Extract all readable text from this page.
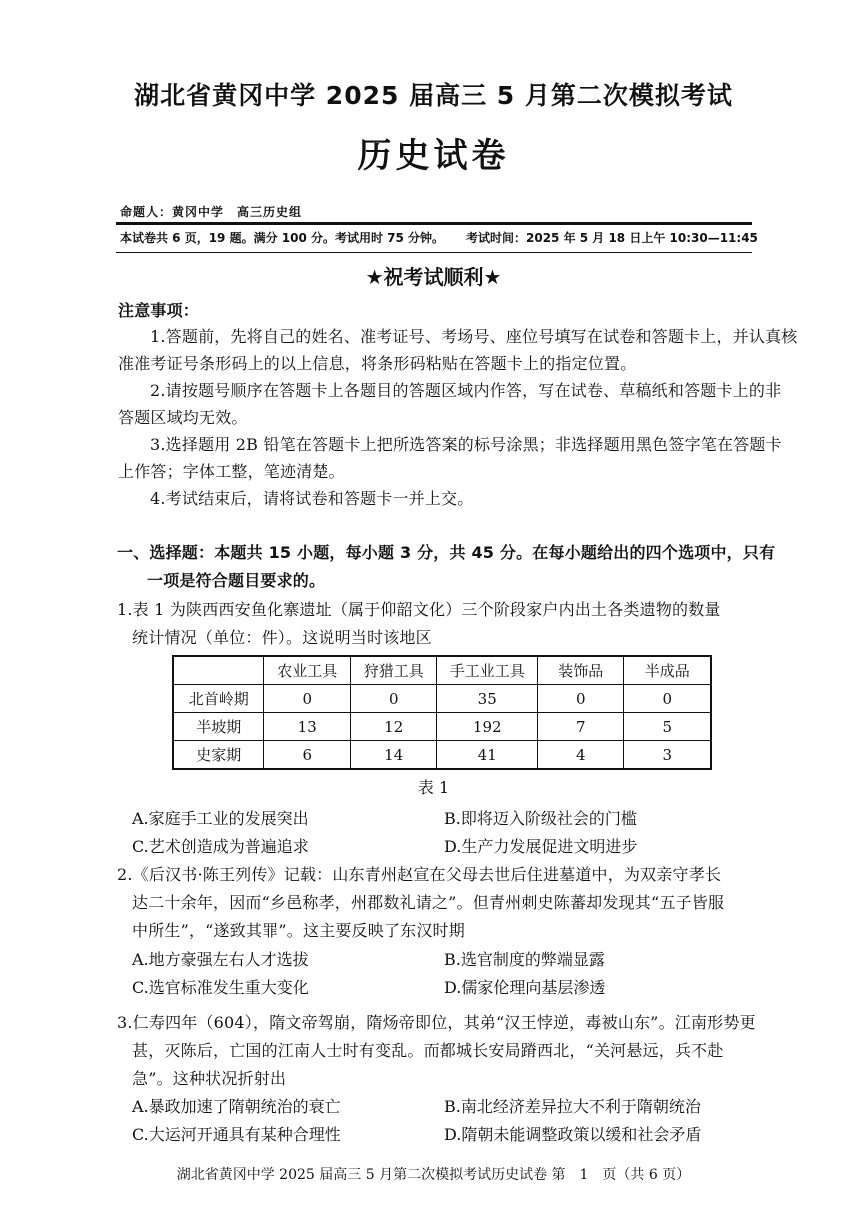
湖北省黄冈中学 2025 届高三 5 月第二次模拟考试
历史试卷
命题人：黄冈中学　高三历史组
本试卷共 6 页，19 题。满分 100 分。考试用时 75 分钟。 考试时间：2025 年 5 月 18 日上午 10:30—11:45
★祝考试顺利★
注意事项：
1.答题前，先将自己的姓名、准考证号、考场号、座位号填写在试卷和答题卡上，并认真核
准准考证号条形码上的以上信息，将条形码粘贴在答题卡上的指定位置。
2.请按题号顺序在答题卡上各题目的答题区域内作答，写在试卷、草稿纸和答题卡上的非
答题区域均无效。
3.选择题用 2B 铅笔在答题卡上把所选答案的标号涂黑；非选择题用黑色签字笔在答题卡
上作答；字体工整，笔迹清楚。
4.考试结束后，请将试卷和答题卡一并上交。
一、选择题：本题共 15 小题，每小题 3 分，共 45 分。在每小题给出的四个选项中，只有
一项是符合题目要求的。
1.表 1 为陕西西安鱼化寨遗址（属于仰韶文化）三个阶段家户内出土各类遗物的数量
统计情况（单位：件）。这说明当时该地区
	农业工具	狩猎工具	手工业工具	装饰品	半成品
北首岭期	0	0	35	0	0
半坡期	13	12	192	7	5
史家期	6	14	41	4	3
表 1
A.家庭手工业的发展突出	B.即将迈入阶级社会的门槛
C.艺术创造成为普遍追求	D.生产力发展促进文明进步
2.《后汉书·陈王列传》记载：山东青州赵宣在父母去世后住进墓道中，为双亲守孝长
达二十余年，因而“乡邑称孝，州郡数礼请之”。但青州刺史陈蕃却发现其“五子皆服
中所生”，“遂致其罪”。这主要反映了东汉时期
A.地方豪强左右人才选拔	B.选官制度的弊端显露
C.选官标准发生重大变化	D.儒家伦理向基层渗透
3.仁寿四年（604），隋文帝驾崩，隋炀帝即位，其弟“汉王悖逆，毒被山东”。江南形势更
甚，灭陈后，亡国的江南人士时有变乱。而都城长安局蹐西北，“关河悬远，兵不赴
急”。这种状况折射出
A.暴政加速了隋朝统治的衰亡	B.南北经济差异拉大不利于隋朝统治
C.大运河开通具有某种合理性	D.隋朝未能调整政策以缓和社会矛盾
湖北省黄冈中学 2025 届高三 5 月第二次模拟考试历史试卷 第　1　页（共 6 页）
